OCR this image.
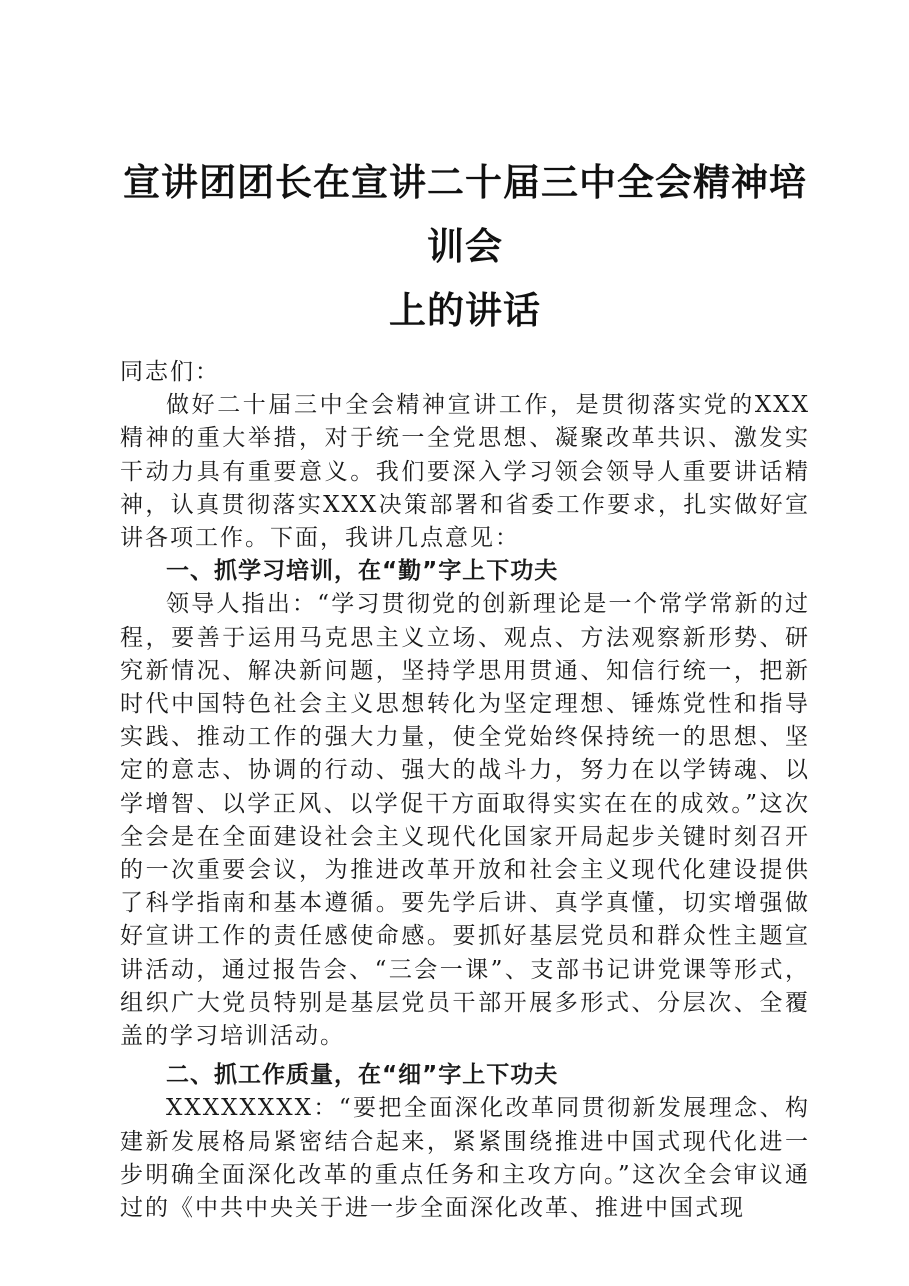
宣讲团团长在宣讲二十届三中全会精神培训会
上的讲话

同志们：

做好二十届三中全会精神宣讲工作，是贯彻落实党的XXX精神的重大举措，对于统一全党思想、凝聚改革共识、激发实干动力具有重要意义。我们要深入学习领会领导人重要讲话精神，认真贯彻落实XXX决策部署和省委工作要求，扎实做好宣讲各项工作。下面，我讲几点意见：

一、抓学习培训，在“勤”字上下功夫

领导人指出：“学习贯彻党的创新理论是一个常学常新的过程，要善于运用马克思主义立场、观点、方法观察新形势、研究新情况、解决新问题，坚持学思用贯通、知信行统一，把新时代中国特色社会主义思想转化为坚定理想、锤炼党性和指导实践、推动工作的强大力量，使全党始终保持统一的思想、坚定的意志、协调的行动、强大的战斗力，努力在以学铸魂、以学增智、以学正风、以学促干方面取得实实在在的成效。”这次全会是在全面建设社会主义现代化国家开局起步关键时刻召开的一次重要会议，为推进改革开放和社会主义现代化建设提供了科学指南和基本遵循。要先学后讲、真学真懂，切实增强做好宣讲工作的责任感使命感。要抓好基层党员和群众性主题宣讲活动，通过报告会、“三会一课”、支部书记讲党课等形式，组织广大党员特别是基层党员干部开展多形式、分层次、全覆盖的学习培训活动。

二、抓工作质量，在“细”字上下功夫

XXXXXXXX：“要把全面深化改革同贯彻新发展理念、构建新发展格局紧密结合起来，紧紧围绕推进中国式现代化进一步明确全面深化改革的重点任务和主攻方向。”这次全会审议通过的《中共中央关于进一步全面深化改革、推进中国式现
